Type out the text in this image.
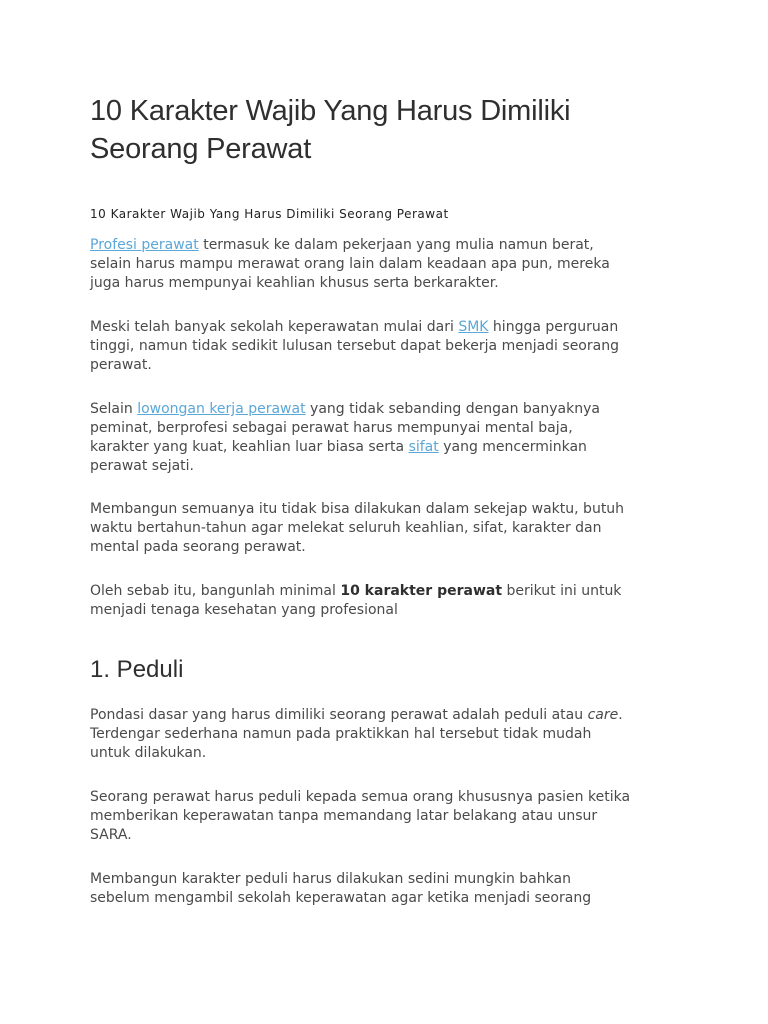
10 Karakter Wajib Yang Harus Dimiliki
Seorang Perawat

10 Karakter Wajib Yang Harus Dimiliki Seorang Perawat

Profesi perawat termasuk ke dalam pekerjaan yang mulia namun berat,
selain harus mampu merawat orang lain dalam keadaan apa pun, mereka
juga harus mempunyai keahlian khusus serta berkarakter.

Meski telah banyak sekolah keperawatan mulai dari SMK hingga perguruan
tinggi, namun tidak sedikit lulusan tersebut dapat bekerja menjadi seorang
perawat.

Selain lowongan kerja perawat yang tidak sebanding dengan banyaknya
peminat, berprofesi sebagai perawat harus mempunyai mental baja,
karakter yang kuat, keahlian luar biasa serta sifat yang mencerminkan
perawat sejati.

Membangun semuanya itu tidak bisa dilakukan dalam sekejap waktu, butuh
waktu bertahun-tahun agar melekat seluruh keahlian, sifat, karakter dan
mental pada seorang perawat.

Oleh sebab itu, bangunlah minimal 10 karakter perawat berikut ini untuk
menjadi tenaga kesehatan yang profesional

1. Peduli

Pondasi dasar yang harus dimiliki seorang perawat adalah peduli atau care.
Terdengar sederhana namun pada praktikkan hal tersebut tidak mudah
untuk dilakukan.

Seorang perawat harus peduli kepada semua orang khususnya pasien ketika
memberikan keperawatan tanpa memandang latar belakang atau unsur
SARA.

Membangun karakter peduli harus dilakukan sedini mungkin bahkan
sebelum mengambil sekolah keperawatan agar ketika menjadi seorang
